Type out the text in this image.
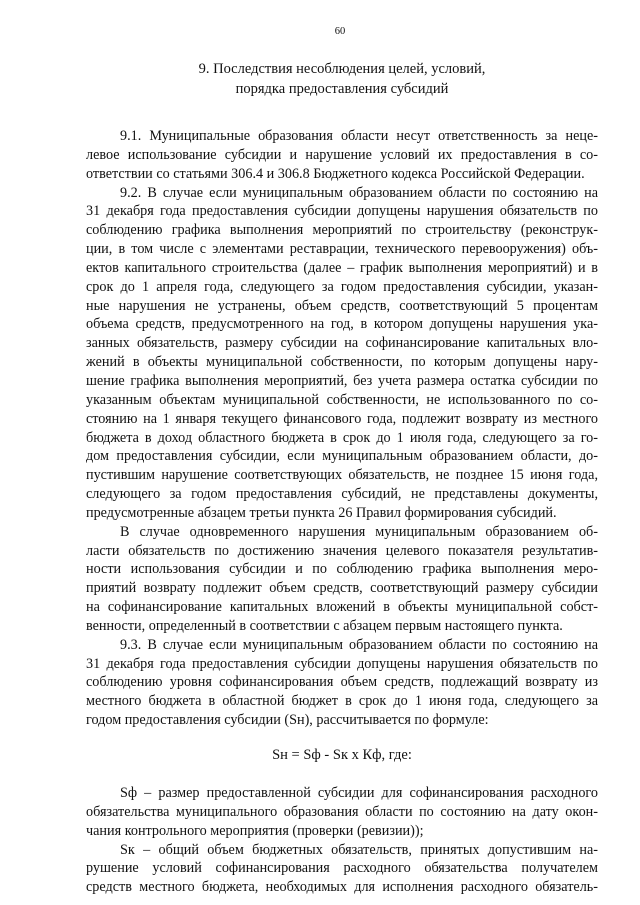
60
9. Последствия несоблюдения целей, условий,
порядка предоставления субсидий

9.1. Муниципальные образования области несут ответственность за неце-
левое использование субсидии и нарушение условий их предоставления в со-
ответствии со статьями 306.4 и 306.8 Бюджетного кодекса Российской Федерации.

9.2. В случае если муниципальным образованием области по состоянию на
31 декабря года предоставления субсидии допущены нарушения обязательств по
соблюдению графика выполнения мероприятий по строительству (реконструк-
ции, в том числе с элементами реставрации, технического перевооружения) объ-
ектов капитального строительства (далее – график выполнения мероприятий) и в
срок до 1 апреля года, следующего за годом предоставления субсидии, указан-
ные нарушения не устранены, объем средств, соответствующий 5 процентам
объема средств, предусмотренного на год, в котором допущены нарушения ука-
занных обязательств, размеру субсидии на софинансирование капитальных вло-
жений в объекты муниципальной собственности, по которым допущены нару-
шение графика выполнения мероприятий, без учета размера остатка субсидии по
указанным объектам муниципальной собственности, не использованного по со-
стоянию на 1 января текущего финансового года, подлежит возврату из местного
бюджета в доход областного бюджета в срок до 1 июля года, следующего за го-
дом предоставления субсидии, если муниципальным образованием области, до-
пустившим нарушение соответствующих обязательств, не позднее 15 июня года,
следующего за годом предоставления субсидий, не представлены документы,
предусмотренные абзацем третьи пункта 26 Правил формирования субсидий.

В случае одновременного нарушения муниципальным образованием об-
ласти обязательств по достижению значения целевого показателя результатив-
ности использования субсидии и по соблюдению графика выполнения меро-
приятий возврату подлежит объем средств, соответствующий размеру субсидии
на софинансирование капитальных вложений в объекты муниципальной собст-
венности, определенный в соответствии с абзацем первым настоящего пункта.

9.3. В случае если муниципальным образованием области по состоянию на
31 декабря года предоставления субсидии допущены нарушения обязательств по
соблюдению уровня софинансирования объем средств, подлежащий возврату из
местного бюджета в областной бюджет в срок до 1 июня года, следующего за
годом предоставления субсидии (Sн), рассчитывается по формуле:

Sн = Sф - Sк x Кф, где:

Sф – размер предоставленной субсидии для софинансирования расходного
обязательства муниципального образования области по состоянию на дату окон-
чания контрольного мероприятия (проверки (ревизии));

Sк – общий объем бюджетных обязательств, принятых допустившим на-
рушение условий софинансирования расходного обязательства получателем
средств местного бюджета, необходимых для исполнения расходного обязатель-
